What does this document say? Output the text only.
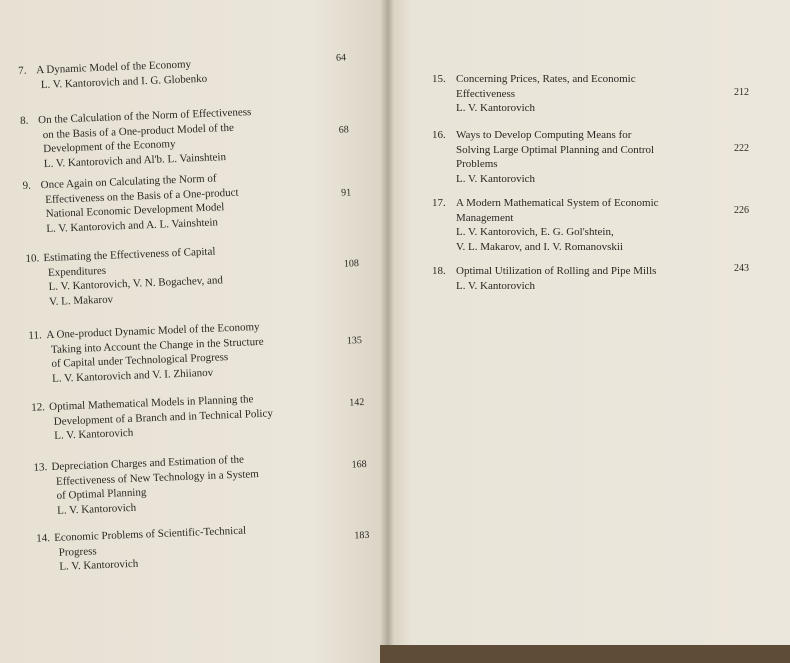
7. A Dynamic Model of the Economy
L. V. Kantorovich and I. G. Globenko
64
8. On the Calculation of the Norm of Effectiveness
on the Basis of a One-product Model of the
Development of the Economy
L. V. Kantorovich and Al'b. L. Vainshtein
68
9. Once Again on Calculating the Norm of
Effectiveness on the Basis of a One-product
National Economic Development Model
L. V. Kantorovich and A. L. Vainshtein
91
10. Estimating the Effectiveness of Capital
Expenditures
L. V. Kantorovich, V. N. Bogachev, and
V. L. Makarov
108
11. A One-product Dynamic Model of the Economy
Taking into Account the Change in the Structure
of Capital under Technological Progress
L. V. Kantorovich and V. I. Zhiianov
135
12. Optimal Mathematical Models in Planning the
Development of a Branch and in Technical Policy
L. V. Kantorovich
142
13. Depreciation Charges and Estimation of the
Effectiveness of New Technology in a System
of Optimal Planning
L. V. Kantorovich
168
14. Economic Problems of Scientific-Technical
Progress
L. V. Kantorovich
183
15. Concerning Prices, Rates, and Economic
Effectiveness
L. V. Kantorovich
212
16. Ways to Develop Computing Means for
Solving Large Optimal Planning and Control
Problems
L. V. Kantorovich
222
17. A Modern Mathematical System of Economic
Management
L. V. Kantorovich, E. G. Gol'shtein,
V. L. Makarov, and I. V. Romanovskii
226
18. Optimal Utilization of Rolling and Pipe Mills
L. V. Kantorovich
243
